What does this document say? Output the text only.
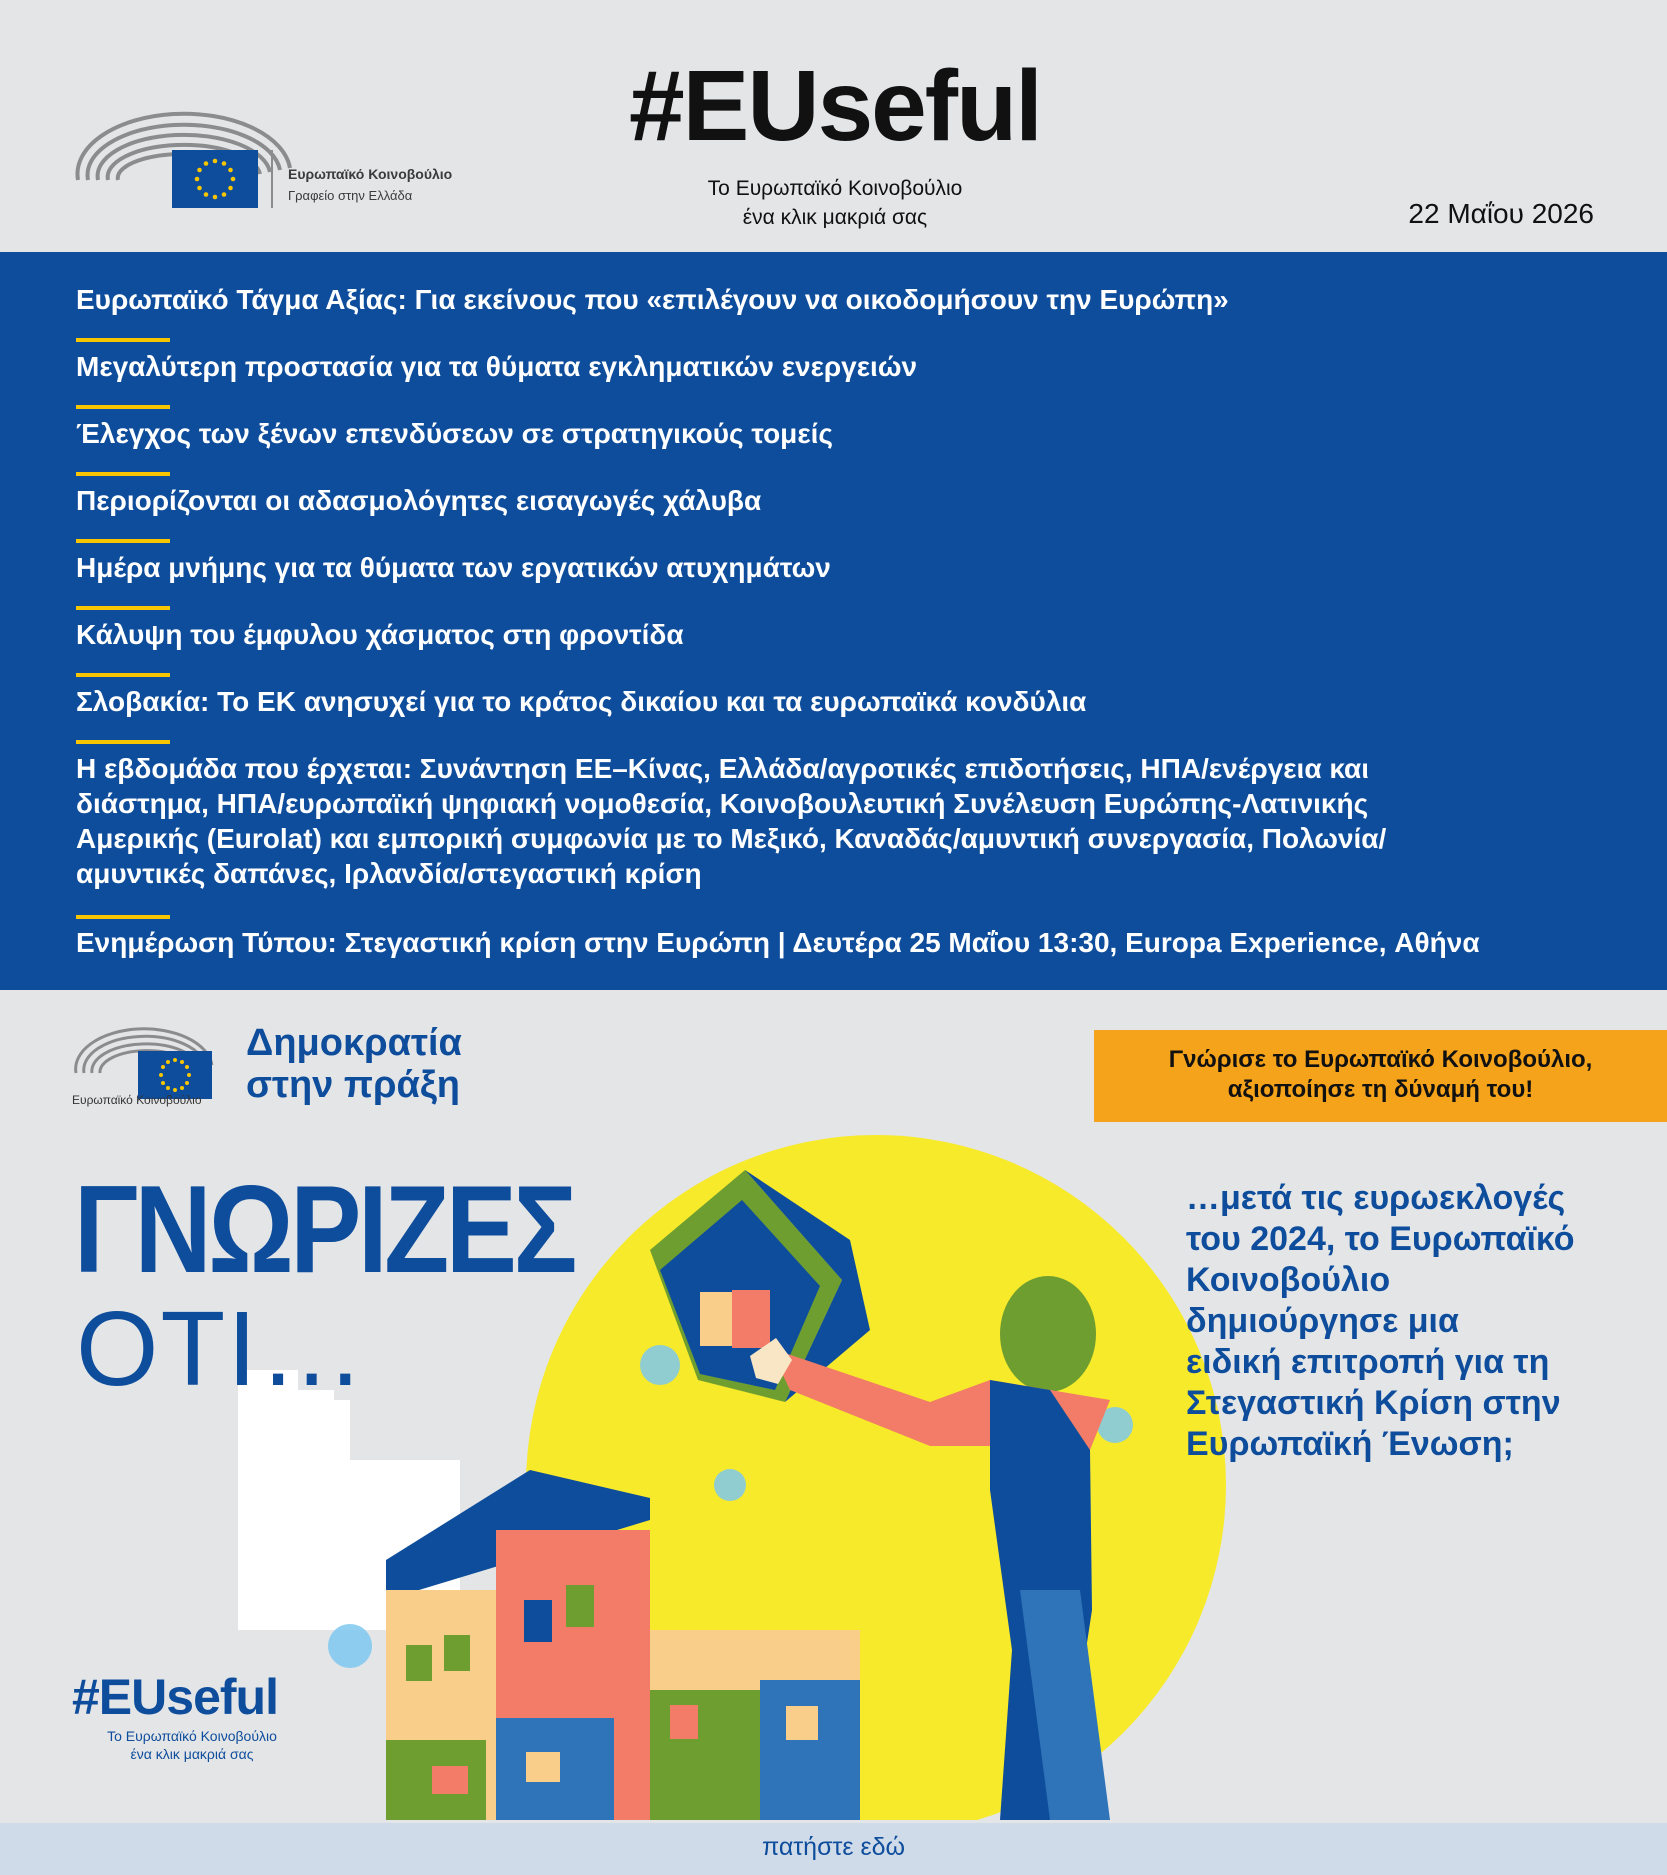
Ευρωπαϊκό Κοινοβούλιο
Γραφείο στην Ελλάδα
#EUseful
Το Ευρωπαϊκό Κοινοβούλιο
ένα κλικ μακριά σας	22 Μαΐου 2026
Ευρωπαϊκό Τάγμα Αξίας: Για εκείνους που «επιλέγουν να οικοδομήσουν την Ευρώπη»
Μεγαλύτερη προστασία για τα θύματα εγκληματικών ενεργειών
Έλεγχος των ξένων επενδύσεων σε στρατηγικούς τομείς
Περιορίζονται οι αδασμολόγητες εισαγωγές χάλυβα
Ημέρα μνήμης για τα θύματα των εργατικών ατυχημάτων
Κάλυψη του έμφυλου χάσματος στη φροντίδα
Σλοβακία: Το ΕΚ ανησυχεί για το κράτος δικαίου και τα ευρωπαϊκά κονδύλια
Η εβδομάδα που έρχεται: Συνάντηση ΕΕ–Κίνας, Ελλάδα/αγροτικές επιδοτήσεις, ΗΠΑ/ενέργεια και
διάστημα, ΗΠΑ/ευρωπαϊκή ψηφιακή νομοθεσία, Κοινοβουλευτική Συνέλευση Ευρώπης-Λατινικής
Αμερικής (Eurolat) και εμπορική συμφωνία με το Μεξικό, Καναδάς/αμυντική συνεργασία, Πολωνία/
αμυντικές δαπάνες, Ιρλανδία/στεγαστική κρίση
Ενημέρωση Τύπου: Στεγαστική κρίση στην Ευρώπη | Δευτέρα 25 Μαΐου 13:30, Europa Experience, Αθήνα
Ευρωπαϊκό Κοινοβούλιο
Δημοκρατία
στην πράξη
Γνώρισε το Ευρωπαϊκό Κοινοβούλιο,
αξιοποίησε τη δύναμή του!
ΓΝΩΡΙΖΕΣ
ΟΤΙ…
…μετά τις ευρωεκλογές
του 2024, το Ευρωπαϊκό
Κοινοβούλιο
δημιούργησε μια
ειδική επιτροπή για τη
Στεγαστική Κρίση στην
Ευρωπαϊκή Ένωση;
#EUseful
Το Ευρωπαϊκό Κοινοβούλιο
ένα κλικ μακριά σας
πατήστε εδώ
